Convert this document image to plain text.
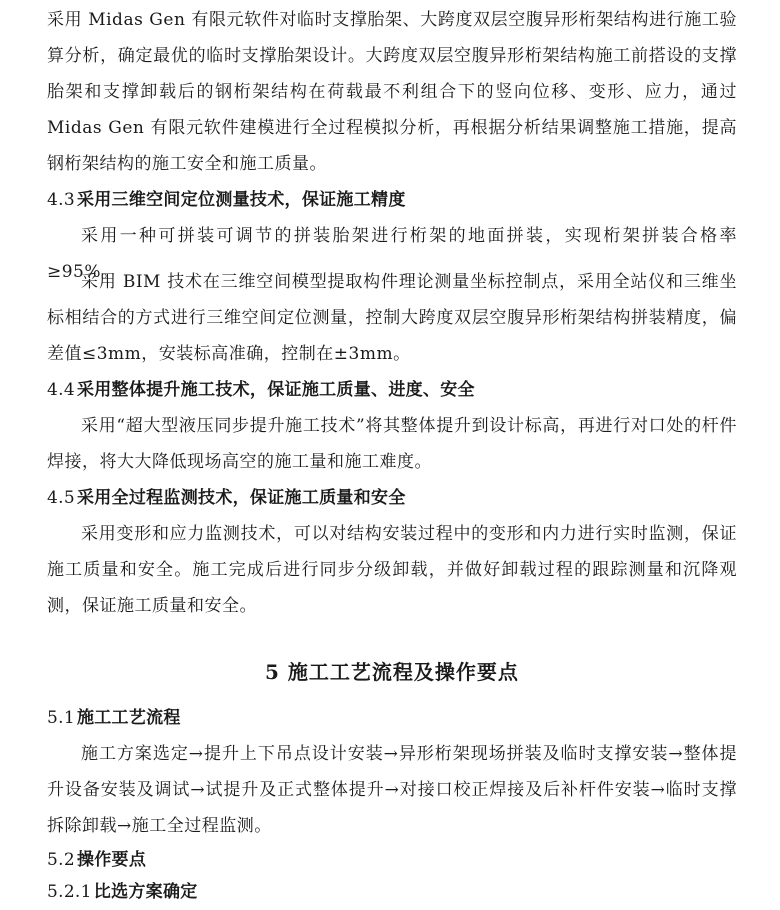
采用 Midas Gen 有限元软件对临时支撑胎架、大跨度双层空腹异形桁架结构进行施工验算分析，确定最优的临时支撑胎架设计。大跨度双层空腹异形桁架结构施工前搭设的支撑胎架和支撑卸载后的钢桁架结构在荷载最不利组合下的竖向位移、变形、应力，通过 Midas Gen 有限元软件建模进行全过程模拟分析，再根据分析结果调整施工措施，提高钢桁架结构的施工安全和施工质量。

4.3 采用三维空间定位测量技术，保证施工精度

采用一种可拼装可调节的拼装胎架进行桁架的地面拼装，实现桁架拼装合格率≥95%。

采用 BIM 技术在三维空间模型提取构件理论测量坐标控制点，采用全站仪和三维坐标相结合的方式进行三维空间定位测量，控制大跨度双层空腹异形桁架结构拼装精度，偏差值≤3mm，安装标高准确，控制在±3mm。

4.4 采用整体提升施工技术，保证施工质量、进度、安全

采用“超大型液压同步提升施工技术”将其整体提升到设计标高，再进行对口处的杆件焊接，将大大降低现场高空的施工量和施工难度。

4.5 采用全过程监测技术，保证施工质量和安全

采用变形和应力监测技术，可以对结构安装过程中的变形和内力进行实时监测，保证施工质量和安全。施工完成后进行同步分级卸载，并做好卸载过程的跟踪测量和沉降观测，保证施工质量和安全。

5 施工工艺流程及操作要点
5.1 施工工艺流程

施工方案选定→提升上下吊点设计安装→异形桁架现场拼装及临时支撑安装→整体提升设备安装及调试→试提升及正式整体提升→对接口校正焊接及后补杆件安装→临时支撑拆除卸载→施工全过程监测。

5.2 操作要点
5.2.1 比选方案确定
